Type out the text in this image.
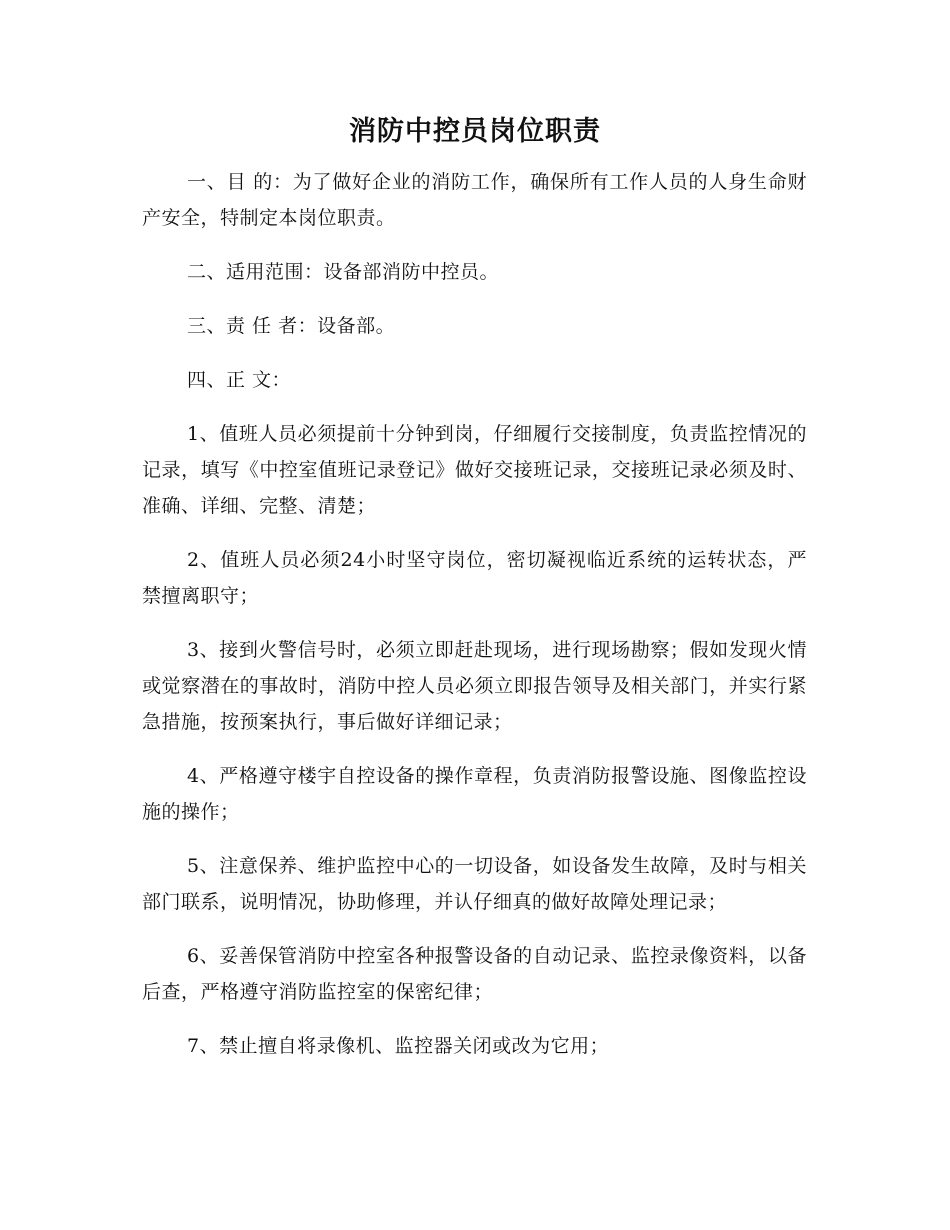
消防中控员岗位职责

一、目 的：为了做好企业的消防工作，确保所有工作人员的人身生命财产安全，特制定本岗位职责。

二、适用范围：设备部消防中控员。

三、责 任 者：设备部。

四、正 文：

1、值班人员必须提前十分钟到岗，仔细履行交接制度，负责监控情况的记录，填写《中控室值班记录登记》做好交接班记录，交接班记录必须及时、准确、详细、完整、清楚；

2、值班人员必须24小时坚守岗位，密切凝视临近系统的运转状态，严禁擅离职守；

3、接到火警信号时，必须立即赶赴现场，进行现场勘察；假如发现火情或觉察潜在的事故时，消防中控人员必须立即报告领导及相关部门，并实行紧急措施，按预案执行，事后做好详细记录；

4、严格遵守楼宇自控设备的操作章程，负责消防报警设施、图像监控设施的操作；

5、注意保养、维护监控中心的一切设备，如设备发生故障，及时与相关部门联系，说明情况，协助修理，并认仔细真的做好故障处理记录；

6、妥善保管消防中控室各种报警设备的自动记录、监控录像资料，以备后查，严格遵守消防监控室的保密纪律；

7、禁止擅自将录像机、监控器关闭或改为它用；
